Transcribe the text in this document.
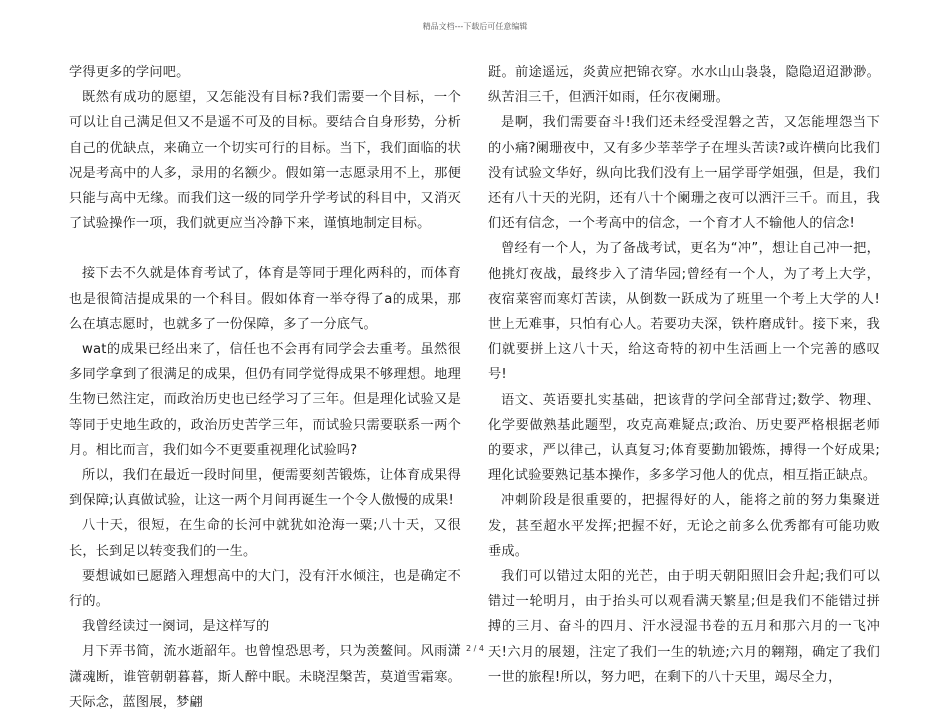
精品文档---下载后可任意编辑

学得更多的学问吧。

既然有成功的愿望，又怎能没有目标?我们需要一个目标，一个可以让自己满足但又不是遥不可及的目标。要结合自身形势，分析自己的优缺点，来确立一个切实可行的目标。当下，我们面临的状况是考高中的人多，录用的名额少。假如第一志愿录用不上，那便只能与高中无缘。而我们这一级的同学升学考试的科目中，又消灭了试验操作一项，我们就更应当冷静下来，谨慎地制定目标。

接下去不久就是体育考试了，体育是等同于理化两科的，而体育也是很简洁提成果的一个科目。假如体育一举夺得了a的成果，那么在填志愿时，也就多了一份保障，多了一分底气。

wat的成果已经出来了，信任也不会再有同学会去重考。虽然很多同学拿到了很满足的成果，但仍有同学觉得成果不够理想。地理生物已然注定，而政治历史也已经学习了三年。但是理化试验又是等同于史地生政的，政治历史苦学三年，而试验只需要联系一两个月。相比而言，我们如今不更要重视理化试验吗?

所以，我们在最近一段时间里，便需要刻苦锻炼，让体育成果得到保障;认真做试验，让这一两个月间再诞生一个令人傲慢的成果!

八十天，很短，在生命的长河中就犹如沧海一粟;八十天，又很长，长到足以转变我们的一生。

要想诚如已愿踏入理想高中的大门，没有汗水倾注，也是确定不行的。

我曾经读过一阕词，是这样写的

月下弄书简，流水逝韶年。也曾惶恐思考，只为羡鳌间。风雨潇潇魂断，谁管朝朝暮暮，斯人醉中眠。未晓涅槃苦，莫道雪霜寒。天际念，蓝图展，梦翩

跹。前途遥远，炎黄应把锦衣穿。水水山山袅袅，隐隐迢迢渺渺。纵苦泪三千，但洒汗如雨，任尔夜阑珊。

是啊，我们需要奋斗!我们还未经受涅磐之苦，又怎能埋怨当下的小痛?阑珊夜中，又有多少莘莘学子在埋头苦读?或许横向比我们没有试验文华好，纵向比我们没有上一届学哥学姐强，但是，我们还有八十天的光阴，还有八十个阑珊之夜可以洒汗三千。而且，我们还有信念，一个考高中的信念，一个育才人不输他人的信念!

曾经有一个人，为了备战考试，更名为“冲”，想让自己冲一把，他挑灯夜战，最终步入了清华园;曾经有一个人，为了考上大学，夜宿菜窖而寒灯苦读，从倒数一跃成为了班里一个考上大学的人!世上无难事，只怕有心人。若要功夫深，铁杵磨成针。接下来，我们就要拼上这八十天，给这奇特的初中生活画上一个完善的感叹号!

语文、英语要扎实基础，把该背的学问全部背过;数学、物理、化学要做熟基此题型，攻克高难疑点;政治、历史要严格根据老师的要求，严以律己，认真复习;体育要勤加锻炼，搏得一个好成果;理化试验要熟记基本操作，多多学习他人的优点，相互指正缺点。

冲刺阶段是很重要的，把握得好的人，能将之前的努力集聚迸发，甚至超水平发挥;把握不好，无论之前多么优秀都有可能功败垂成。

我们可以错过太阳的光芒，由于明天朝阳照旧会升起;我们可以错过一轮明月，由于抬头可以观看满天繁星;但是我们不能错过拼搏的三月、奋斗的四月、汗水浸湿书卷的五月和那六月的一飞冲天!六月的展翅，注定了我们一生的轨迹;六月的翱翔，确定了我们一世的旅程!所以，努力吧，在剩下的八十天里，竭尽全力，

2 / 4
